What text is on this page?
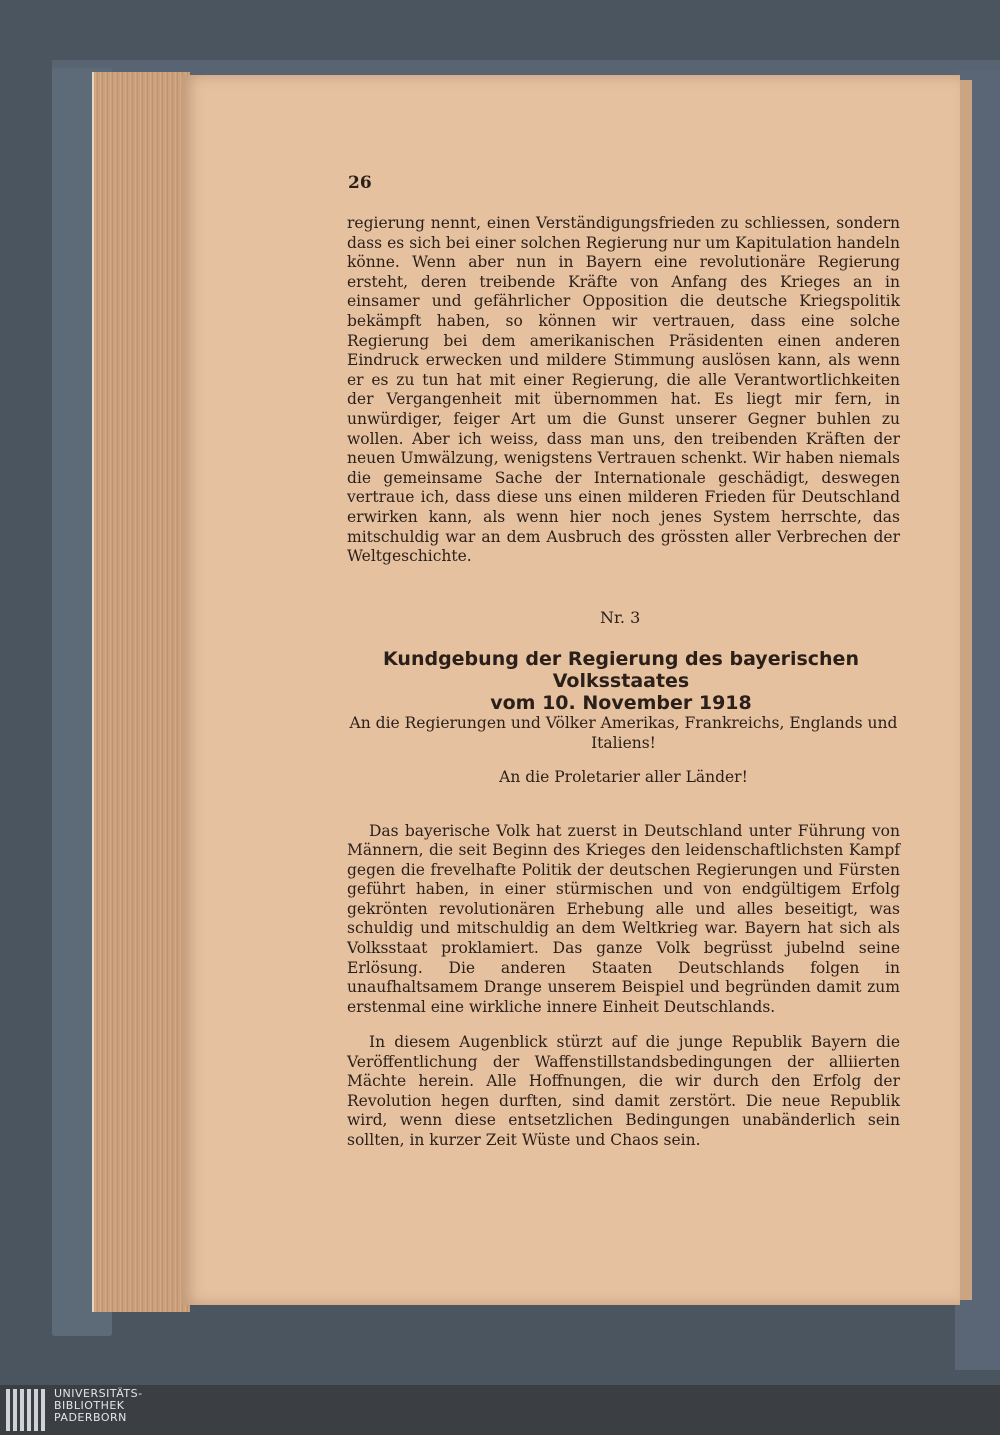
26

regierung nennt, einen Verständigungsfrieden zu schliessen, sondern dass es sich bei einer solchen Regierung nur um Kapitulation handeln könne. Wenn aber nun in Bayern eine revolutionäre Regierung ersteht, deren treibende Kräfte von Anfang des Krieges an in einsamer und gefährlicher Opposition die deutsche Kriegspolitik bekämpft haben, so können wir vertrauen, dass eine solche Regierung bei dem amerikanischen Präsidenten einen anderen Eindruck erwecken und mildere Stimmung auslösen kann, als wenn er es zu tun hat mit einer Regierung, die alle Verantwortlichkeiten der Vergangenheit mit übernommen hat. Es liegt mir fern, in unwürdiger, feiger Art um die Gunst unserer Gegner buhlen zu wollen. Aber ich weiss, dass man uns, den treibenden Kräften der neuen Umwälzung, wenigstens Vertrauen schenkt. Wir haben niemals die gemeinsame Sache der Internationale geschädigt, deswegen vertraue ich, dass diese uns einen milderen Frieden für Deutschland erwirken kann, als wenn hier noch jenes System herrschte, das mitschuldig war an dem Ausbruch des grössten aller Verbrechen der Weltgeschichte.

Nr. 3
Kundgebung der Regierung des bayerischen Volksstaates
vom 10. November 1918
An die Regierungen und Völker Amerikas, Frankreichs, Englands und Italiens!
An die Proletarier aller Länder!

Das bayerische Volk hat zuerst in Deutschland unter Führung von Männern, die seit Beginn des Krieges den leidenschaftlichsten Kampf gegen die frevelhafte Politik der deutschen Regierungen und Fürsten geführt haben, in einer stürmischen und von endgültigem Erfolg gekrönten revolutionären Erhebung alle und alles beseitigt, was schuldig und mitschuldig an dem Weltkrieg war. Bayern hat sich als Volksstaat proklamiert. Das ganze Volk begrüsst jubelnd seine Erlösung. Die anderen Staaten Deutschlands folgen in unaufhaltsamem Drange unserem Beispiel und begründen damit zum erstenmal eine wirkliche innere Einheit Deutschlands.

In diesem Augenblick stürzt auf die junge Republik Bayern die Veröffentlichung der Waffenstillstandsbedingungen der alliierten Mächte herein. Alle Hoffnungen, die wir durch den Erfolg der Revolution hegen durften, sind damit zerstört. Die neue Republik wird, wenn diese entsetzlichen Bedingungen unabänderlich sein sollten, in kurzer Zeit Wüste und Chaos sein.

UNIVERSITÄTS-
BIBLIOTHEK
PADERBORN
